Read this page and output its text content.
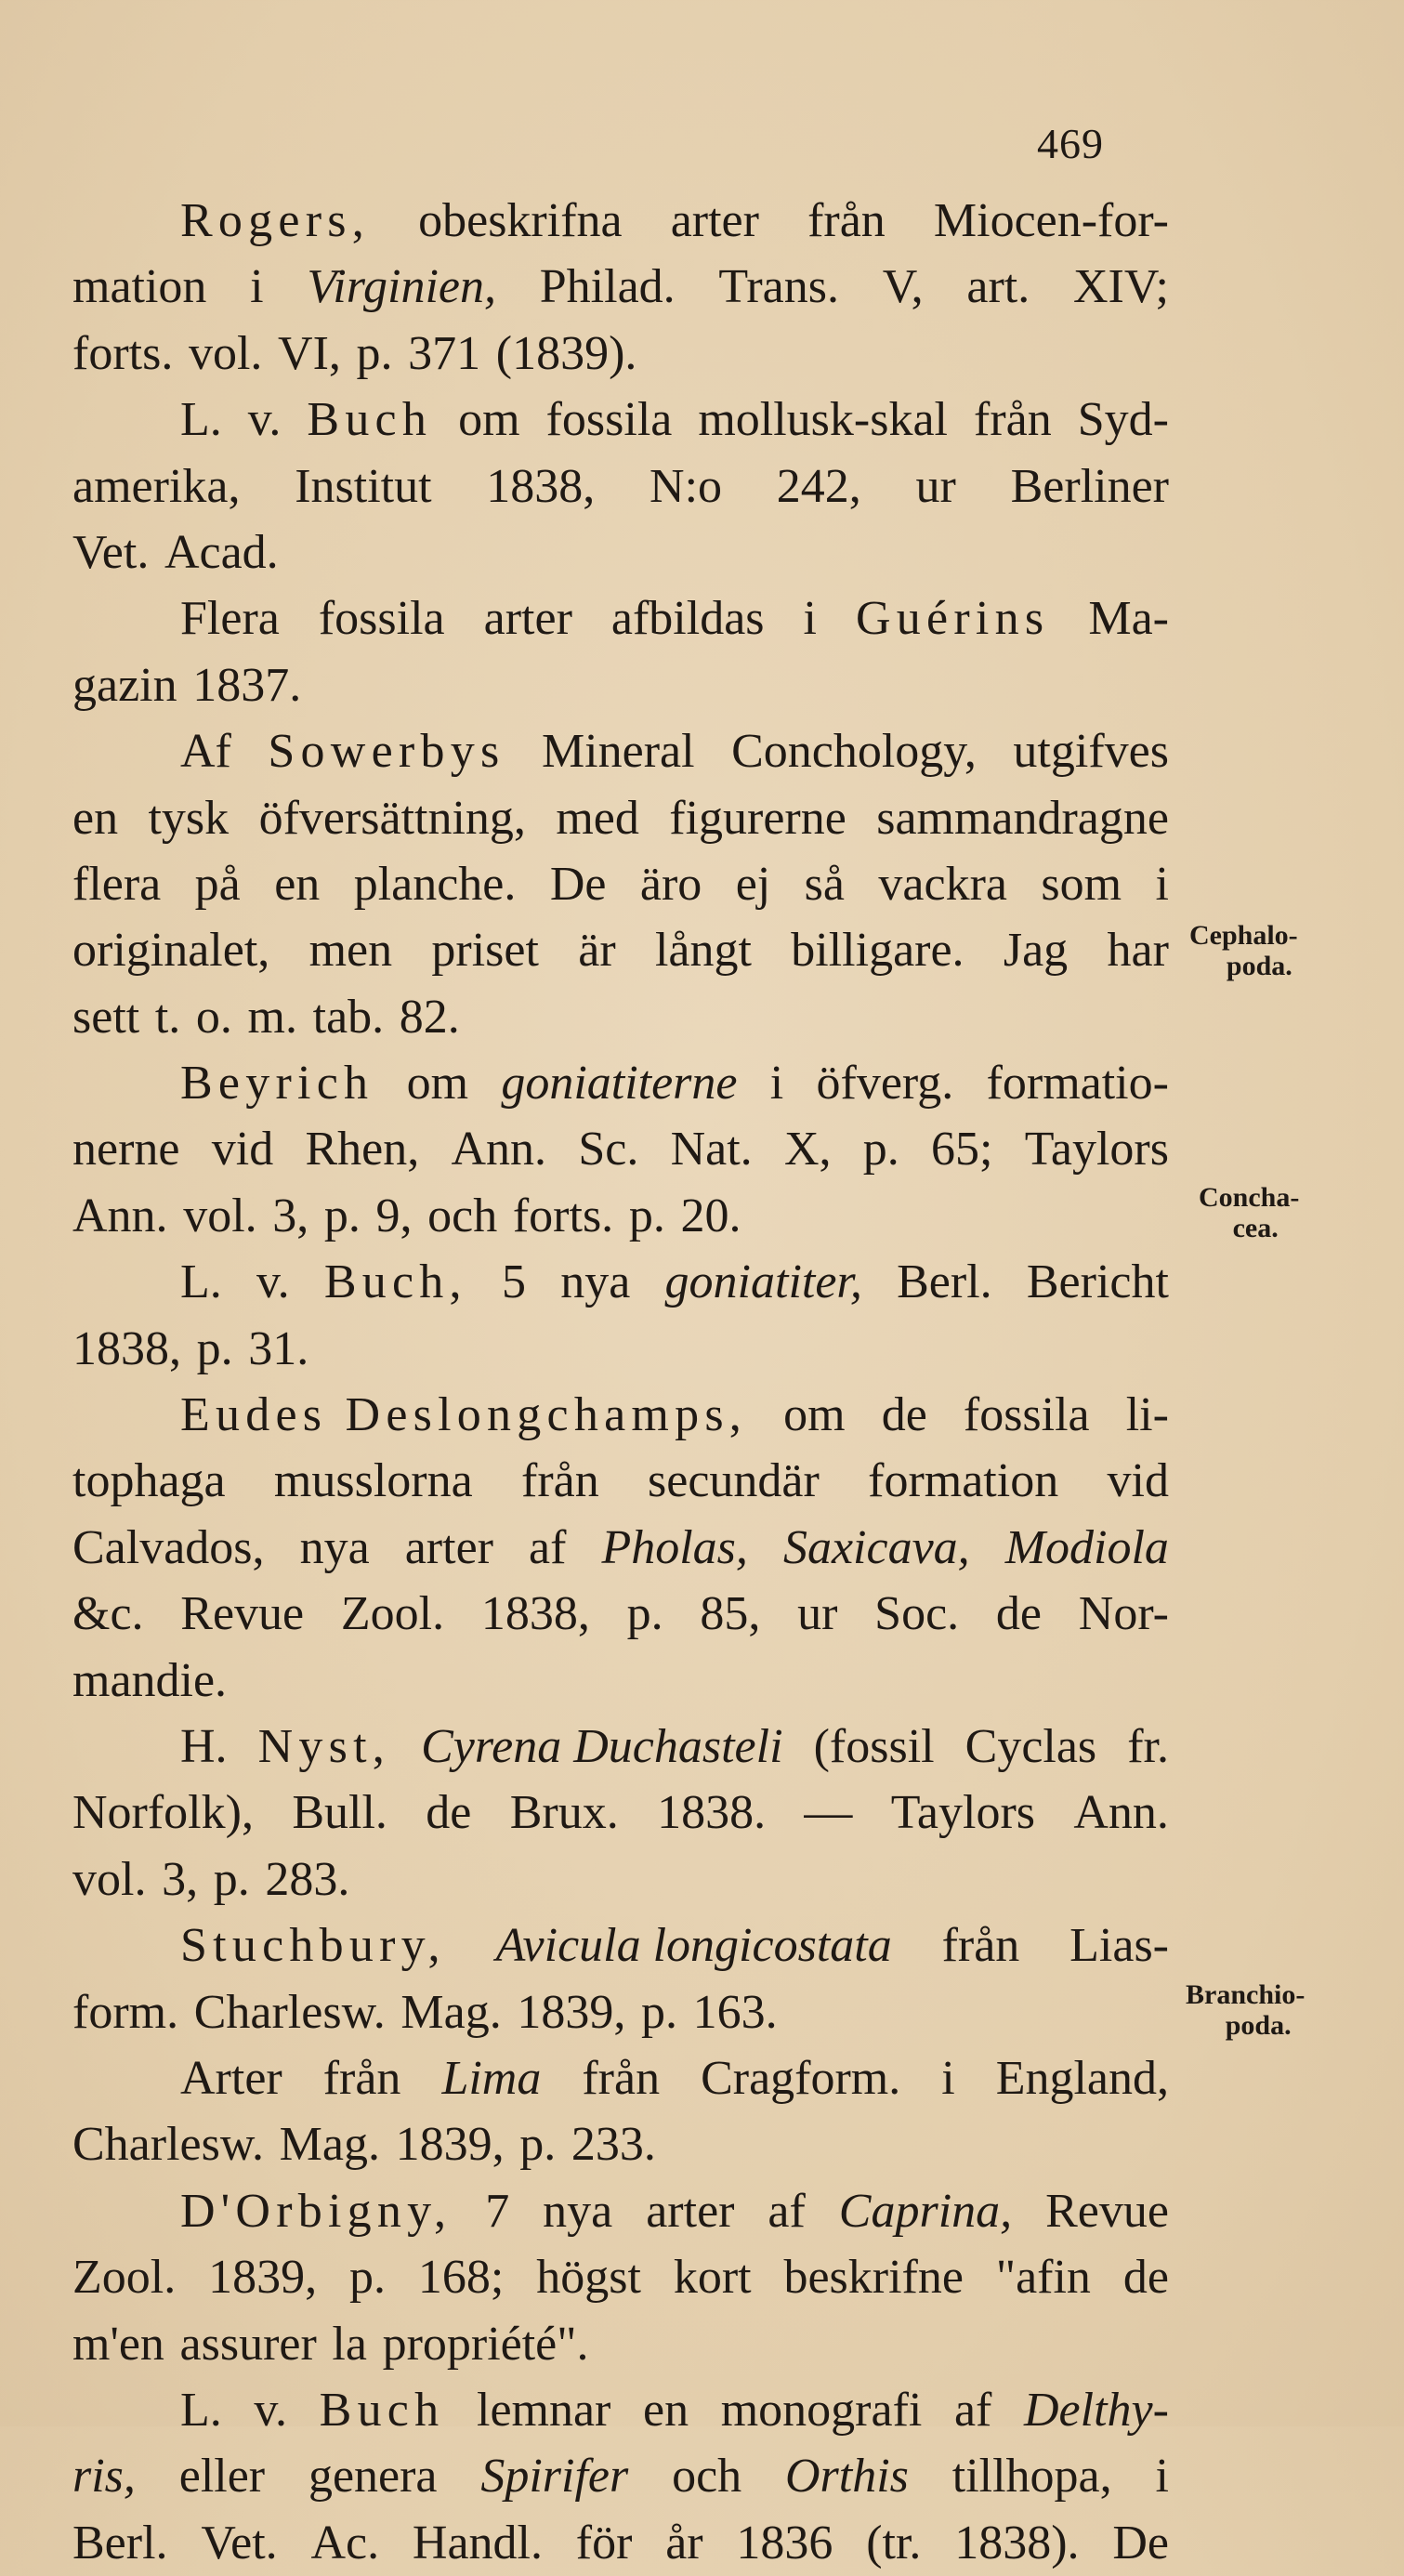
469
Rogers, obeskrifna arter från Miocen-for-
mation i Virginien, Philad. Trans. V, art. XIV;
forts. vol. VI, p. 371 (1839).
L. v. Buch om fossila mollusk-skal från Syd-
amerika, Institut 1838, N:o 242, ur Berliner
Vet. Acad.
Flera fossila arter afbildas i Guérins Ma-
gazin 1837.
Af Sowerbys Mineral Conchology, utgifves
en tysk öfversättning, med figurerne sammandragne
flera på en planche. De äro ej så vackra som i
originalet, men priset är långt billigare. Jag har
sett t. o. m. tab. 82.
Beyrich om goniatiterne i öfverg. formatio-
nerne vid Rhen, Ann. Sc. Nat. X, p. 65; Taylors
Ann. vol. 3, p. 9, och forts. p. 20.
L. v. Buch, 5 nya goniatiter, Berl. Bericht
1838, p. 31.
Eudes Deslongchamps, om de fossila li-
tophaga musslorna från secundär formation vid
Calvados, nya arter af Pholas, Saxicava, Modiola
&c. Revue Zool. 1838, p. 85, ur Soc. de Nor-
mandie.
H. Nyst, Cyrena Duchasteli (fossil Cyclas fr.
Norfolk), Bull. de Brux. 1838. — Taylors Ann.
vol. 3, p. 283.
Stuchbury, Avicula longicostata från Lias-
form. Charlesw. Mag. 1839, p. 163.
Arter från Lima från Cragform. i England,
Charlesw. Mag. 1839, p. 233.
D'Orbigny, 7 nya arter af Caprina, Revue
Zool. 1839, p. 168; högst kort beskrifne "afin de
m'en assurer la propriété".
L. v. Buch lemnar en monografi af Delthy-
ris, eller genera Spirifer och Orthis tillhopa, i
Berl. Vet. Ac. Handl. för år 1836 (tr. 1838). De
Cephalo-
poda.
Concha-
cea.
Branchio-
poda.
